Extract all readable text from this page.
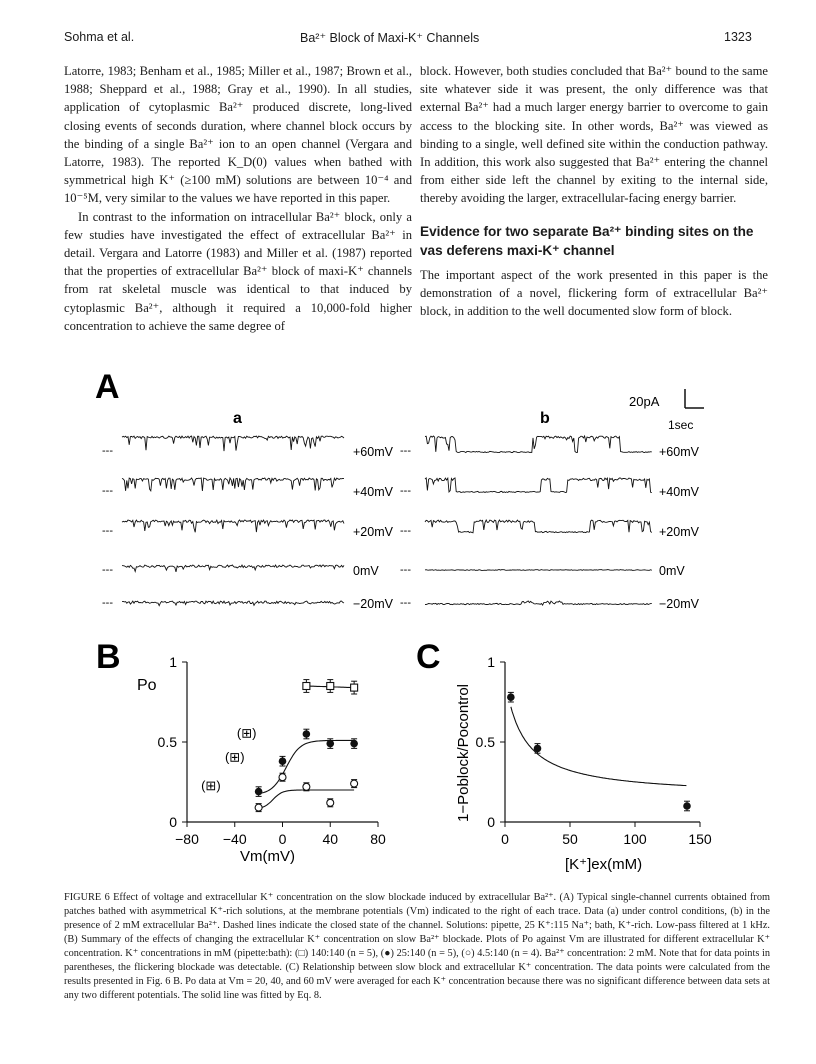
Sohma et al.	Ba²⁺ Block of Maxi-K⁺ Channels	1323

Latorre, 1983; Benham et al., 1985; Miller et al., 1987; Brown et al., 1988; Sheppard et al., 1988; Gray et al., 1990). In all studies, application of cytoplasmic Ba²⁺ produced discrete, long-lived closing events of seconds duration, where channel block occurs by the binding of a single Ba²⁺ ion to an open channel (Vergara and Latorre, 1983). The reported K_D(0) values when bathed with symmetrical high K⁺ (≥100 mM) solutions are between 10⁻⁴ and 10⁻⁵M, very similar to the values we have reported in this paper.

In contrast to the information on intracellular Ba²⁺ block, only a few studies have investigated the effect of extracellular Ba²⁺ in detail. Vergara and Latorre (1983) and Miller et al. (1987) reported that the properties of extracellular Ba²⁺ block of maxi-K⁺ channels from rat skeletal muscle was identical to that induced by cytoplasmic Ba²⁺, although it required a 10,000-fold higher concentration to achieve the same degree of

block. However, both studies concluded that Ba²⁺ bound to the same site whatever side it was present, the only difference was that external Ba²⁺ had a much larger energy barrier to overcome to gain access to the blocking site. In other words, Ba²⁺ was viewed as binding to a single, well defined site within the conduction pathway. In addition, this work also suggested that Ba²⁺ entering the channel from either side left the channel by exiting to the internal side, thereby avoiding the larger, extracellular-facing energy barrier.

Evidence for two separate Ba²⁺ binding sites on the vas deferens maxi-K⁺ channel

The important aspect of the work presented in this paper is the demonstration of a novel, flickering form of extracellular Ba²⁺ block, in addition to the well documented slow form of block.

A
a	b
20pA
1sec
---	---
+60mV	+60mV
---	---
+40mV	+40mV
---	---
+20mV	+20mV
---	---
0mV	0mV
---	---
−20mV	−20mV
B
Po
−80 −40 0	40 80
0
0.5
1
(⊞)
(⊞)
(⊞)
Vm(mV)
C
1−Poblock/Pocontrol
0	50	100	150
0
0.5
1
[K⁺]ex(mM)
FIGURE 6 Effect of voltage and extracellular K⁺ concentration on the slow blockade induced by extracellular Ba²⁺. (A) Typical single-channel currents obtained from patches bathed with asymmetrical K⁺-rich solutions, at the membrane potentials (Vm) indicated to the right of each trace. Data (a) under control conditions, (b) in the presence of 2 mM extracellular Ba²⁺. Dashed lines indicate the closed state of the channel. Solutions: pipette, 25 K⁺:115 Na⁺; bath, K⁺-rich. Low-pass filtered at 1 kHz. (B) Summary of the effects of changing the extracellular K⁺ concentration on slow Ba²⁺ blockade. Plots of Po against Vm are illustrated for different extracellular K⁺ concentration. K⁺ concentrations in mM (pipette:bath): (□) 140:140 (n = 5), (●) 25:140 (n = 5), (○) 4.5:140 (n = 4). Ba²⁺ concentration: 2 mM. Note that for data points in parentheses, the flickering blockade was detectable. (C) Relationship between slow block and extracellular K⁺ concentration. The data points were calculated from the results presented in Fig. 6 B. Po data at Vm = 20, 40, and 60 mV were averaged for each K⁺ concentration because there was no significant difference between data sets at any two different potentials. The solid line was fitted by Eq. 8.
